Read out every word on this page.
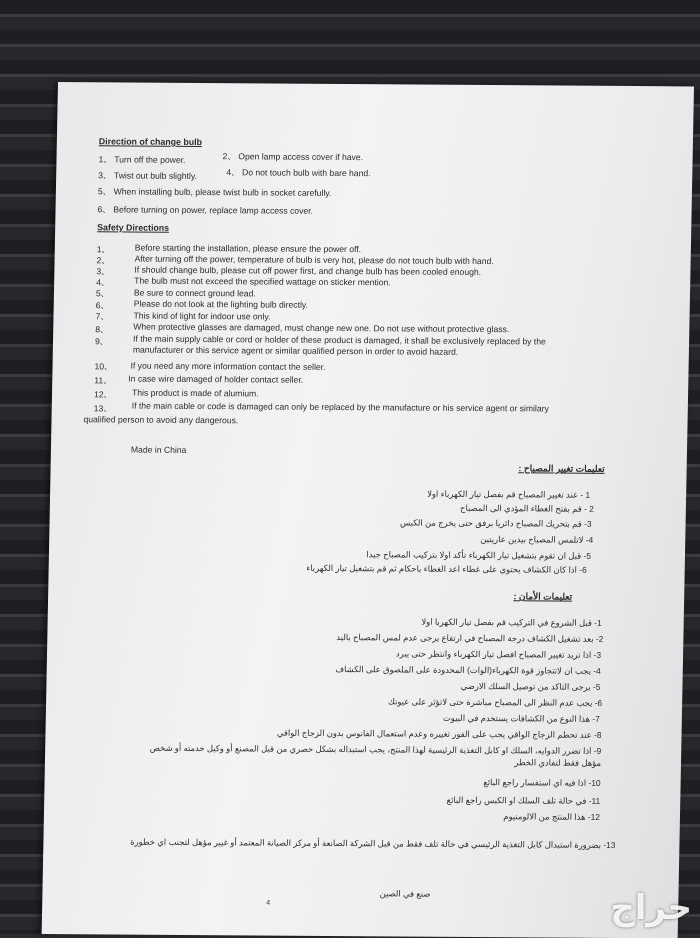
Direction of change bulb
1、 Turn off the power.	2、 Open lamp access cover if have.
3、 Twist out bulb slightly.	4、 Do not touch bulb with bare hand.
5、 When installing bulb, please twist bulb in socket carefully.
6、 Before turning on power, replace lamp access cover.
Safety Directions
1、	Before starting the installation, please ensure the power off.
2、	After turning off the power, temperature of bulb is very hot, please do not touch bulb with hand.
3、	If should change bulb, please cut off power first, and change bulb has been cooled enough.
4、	The bulb must not exceed the specified wattage on sticker mention.
5、	Be sure to connect ground lead.
6、	Please do not look at the lighting bulb directly.
7、	This kind of light for indoor use only.
8、	When protective glasses are damaged, must change new one. Do not use without protective glass.
9、	If the main supply cable or cord or holder of these product is damaged, it shall be exclusively replaced by the
manufacturer or this service agent or similar qualified person in order to avoid hazard.
10、 If you need any more information contact the seller.
11、 In case wire damaged of holder contact seller.
12、 This product is made of alumium.
13、 If the main cable or code is damaged can only be replaced by the manufacture or his service agent or similary
qualified person to avoid any dangerous.
Made in China
تعليمات تغيير المصباح :
1 - عند تغيير المصباح قم بفصل تيار الكهرباء اولا
2 - قم بفتح الغطاء المؤدي الى المصباح
3- قم بتحريك المصباح دائريا برفق حتى يخرج من الكبس
4- لاتلمس المصباح بيدين عاريتين
5- قبل ان تقوم بتشغيل تيار الكهرباء تأكد اولا بتركيب المصباح جيدا
6- اذا كان الكشاف يحتوي على غطاء اعد الغطاء باحكام ثم قم بتشغيل تيار الكهرباء
تعليمات الأمان :
1- قبل الشروع في التركيب قم بفصل تيار الكهربا اولا
2- بعد تشغيل الكشاف درجة المصباح في ارتفاع يرجى عدم لمس المصباح باليد
3- اذا تريد تغيير المصباح افصل تيار الكهرباء وانتظر حتى يبرد
4- يجب ان لاتتجاوز قوة الكهرباء(الوات) المحدودة على الملصوق على الكشاف
5- يرجى التاكد من توصيل السلك الارضي
6- يجب عدم النظر الى المصباح مباشرة حتى لاتؤثر على عيونك
7- هذا النوع من الكشافات يستخدم في البيوت
8- عند تحطم الزجاج الواقي يجب على الفور تغييره وعدم استعمال الفانوس بدون الزجاج الواقي
9- اذا تضرر الدوايه، السلك او كابل التغذية الرئيسية لهذا المنتج، يجب استبداله بشكل حصري من قبل المصنع أو وكيل خدمته أو شخص
مؤهل فقط لتفادي الخطر
10- اذا فيه اي استفسار راجع البائع
11- في حالة تلف السلك او الكبس راجع البائع
12- هذا المنتج من الالومنيوم
13- بضرورة استبدال كابل التغذية الرئيسي في حالة تلف فقط من قبل الشركة الصانعة أو مركز الصيانة المعتمد أو غيير مؤهل لتجنب اي خطورة
صنع في الصين
4	حراج
